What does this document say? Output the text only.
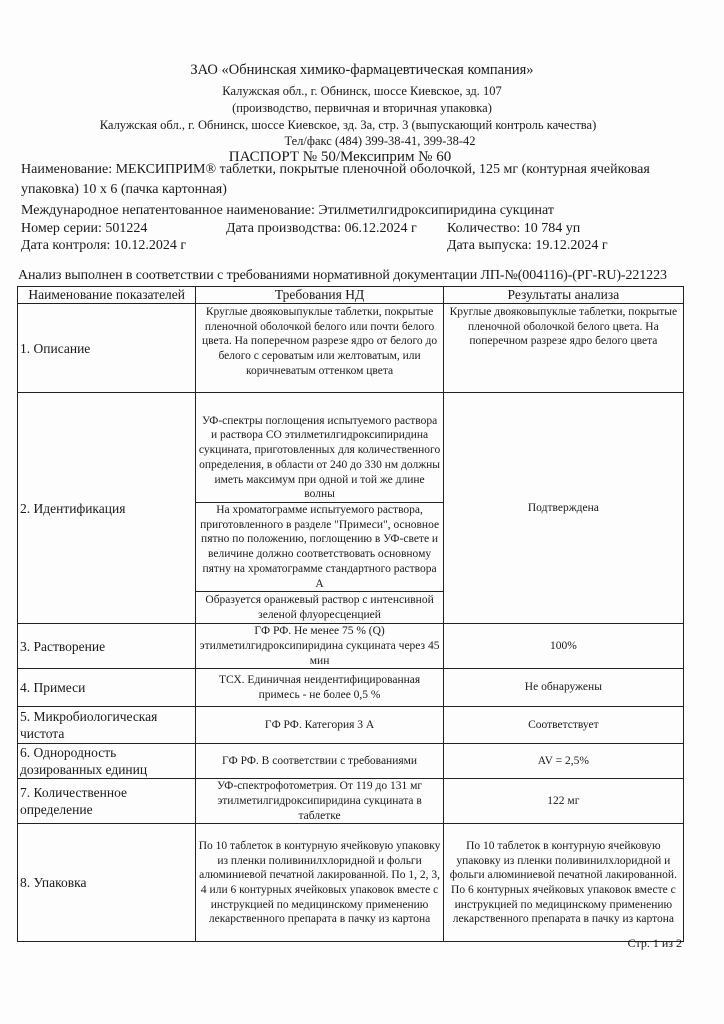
ЗАО «Обнинская химико-фармацевтическая компания»
Калужская обл., г. Обнинск, шоссе Киевское, зд. 107
(производство, первичная и вторичная упаковка)
Калужская обл., г. Обнинск, шоссе Киевское, зд. 3а, стр. 3 (выпускающий контроль качества)
Тел/факс (484) 399-38-41, 399-38-42
ПАСПОРТ № 50/Мексиприм № 60
Наименование: МЕКСИПРИМ® таблетки, покрытые пленочной оболочкой, 125 мг (контурная ячейковая
упаковка) 10 х 6 (пачка картонная)
Международное непатентованное наименование: Этилметилгидроксипиридина сукцинат
Номер серии: 501224	Дата производства: 06.12.2024 г Количество: 10 784 уп
Дата контроля: 10.12.2024 г	Дата выпуска: 19.12.2024 г
Анализ выполнен в соответствии с требованиями нормативной документации ЛП-№(004116)-(РГ-RU)-221223
Наименование показателей	Требования НД	Результаты анализа
1. Описание	Круглые двояковыпуклые таблетки, покрытые пленочной оболочкой белого или почти белого цвета. На поперечном разрезе ядро от белого до белого с сероватым или желтоватым, или коричневатым оттенком цвета	Круглые двояковыпуклые таблетки, покрытые пленочной оболочкой белого цвета. На поперечном разрезе ядро белого цвета
2. Идентификация	УФ-спектры поглощения испытуемого раствора и раствора СО этилметилгидроксипиридина сукцината, приготовленных для количественного определения, в области от 240 до 330 нм должны иметь максимум при одной и той же длине волны	Подтверждена
	На хроматограмме испытуемого раствора, приготовленного в разделе "Примеси", основное пятно по положению, поглощению в УФ-свете и величине должно соответствовать основному пятну на хроматограмме стандартного раствора А	
	Образуется оранжевый раствор с интенсивной зеленой флуоресценцией	
3. Растворение	ГФ РФ. Не менее 75 % (Q) этилметилгидроксипиридина сукцината через 45 мин	100%
4. Примеси	ТСХ. Единичная неидентифицированная примесь - не более 0,5 %	Не обнаружены
5. Микробиологическая чистота	ГФ РФ. Категория 3 А	Соответствует
6. Однородность дозированных единиц	ГФ РФ. В соответствии с требованиями	AV = 2,5%
7. Количественное определение	УФ-спектрофотометрия. От 119 до 131 мг этилметилгидроксипиридина сукцината в таблетке	122 мг
8. Упаковка	По 10 таблеток в контурную ячейковую упаковку из пленки поливинилхлоридной и фольги алюминиевой печатной лакированной. По 1, 2, 3, 4 или 6 контурных ячейковых упаковок вместе с инструкцией по медицинскому применению лекарственного препарата в пачку из картона	По 10 таблеток в контурную ячейковую упаковку из пленки поливинилхлоридной и фольги алюминиевой печатной лакированной. По 6 контурных ячейковых упаковок вместе с инструкцией по медицинскому применению лекарственного препарата в пачку из картона
Стр. 1 из 2
